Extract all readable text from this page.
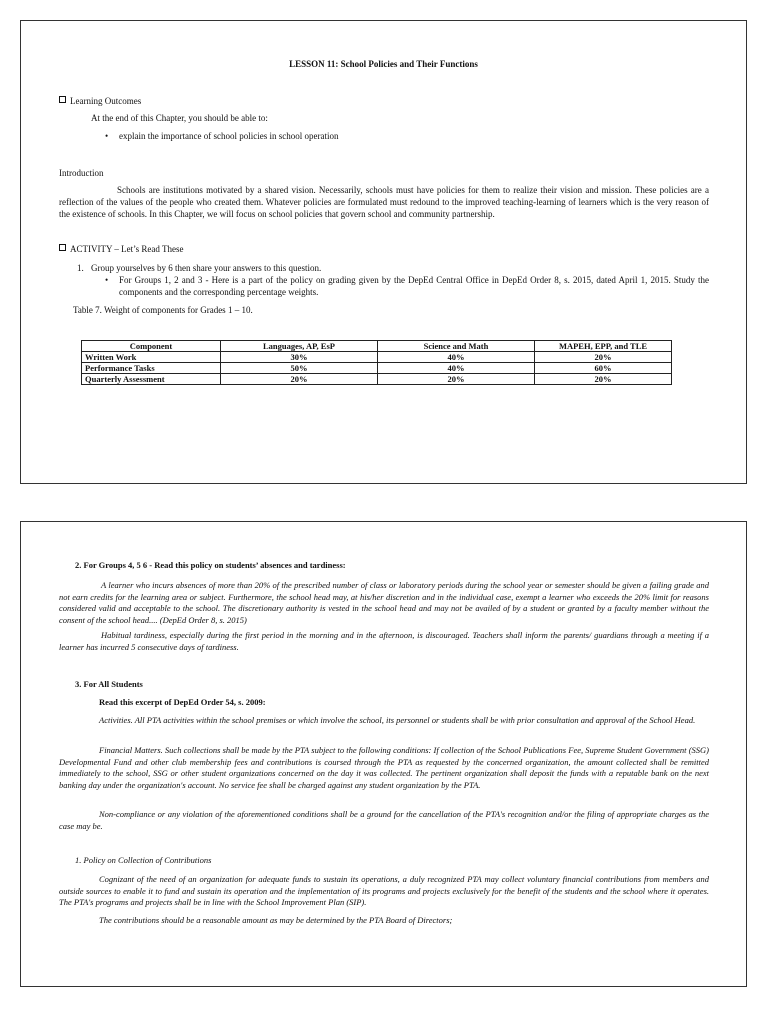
LESSON 11: School Policies and Their Functions

Learning Outcomes

At the end of this Chapter, you should be able to:

• explain the importance of school policies in school operation

Introduction

Schools are institutions motivated by a shared vision. Necessarily, schools must have policies for them to realize their vision and mission. These policies are a reflection of the values of the people who created them. Whatever policies are formulated must redound to the improved teaching-learning of learners which is the very reason of the existence of schools. In this Chapter, we will focus on school policies that govern school and community partnership.

ACTIVITY – Let’s Read These

1. Group yourselves by 6 then share your answers to this question.

• For Groups 1, 2 and 3 - Here is a part of the policy on grading given by the DepEd Central Office in DepEd Order 8, s. 2015, dated April 1, 2015. Study the components and the corresponding percentage weights.

Table 7. Weight of components for Grades 1 – 10.

Component	Languages, AP, EsP	Science and Math	MAPEH, EPP, and TLE
Written Work	30%	40%	20%
Performance Tasks	50%	40%	60%
Quarterly Assessment	20%	20%	20%

2. For Groups 4, 5 6 - Read this policy on students’ absences and tardiness:

A learner who incurs absences of more than 20% of the prescribed number of class or laboratory periods during the school year or semester should be given a failing grade and not earn credits for the learning area or subject. Furthermore, the school head may, at his/her discretion and in the individual case, exempt a learner who exceeds the 20% limit for reasons considered valid and acceptable to the school. The discretionary authority is vested in the school head and may not be availed of by a student or granted by a faculty member without the consent of the school head.... (DepEd Order 8, s. 2015)

Habitual tardiness, especially during the first period in the morning and in the afternoon, is discouraged. Teachers shall inform the parents/ guardians through a meeting if a learner has incurred 5 consecutive days of tardiness.

3. For All Students

Read this excerpt of DepEd Order 54, s. 2009:

Activities. All PTA activities within the school premises or which involve the school, its personnel or students shall be with prior consultation and approval of the School Head.

Financial Matters. Such collections shall be made by the PTA subject to the following conditions: If collection of the School Publications Fee, Supreme Student Government (SSG) Developmental Fund and other club membership fees and contributions is coursed through the PTA as requested by the concerned organization, the amount collected shall be remitted immediately to the school, SSG or other student organizations concerned on the day it was collected. The pertinent organization shall deposit the funds with a reputable bank on the next banking day under the organization's account. No service fee shall be charged against any student organization by the PTA.

Non-compliance or any violation of the aforementioned conditions shall be a ground for the cancellation of the PTA's recognition and/or the filing of appropriate charges as the case may be.

1. Policy on Collection of Contributions

Cognizant of the need of an organization for adequate funds to sustain its operations, a duly recognized PTA may collect voluntary financial contributions from members and outside sources to enable it to fund and sustain its operation and the implementation of its programs and projects exclusively for the benefit of the students and the school where it operates. The PTA's programs and projects shall be in line with the School Improvement Plan (SIP).

The contributions should be a reasonable amount as may be determined by the PTA Board of Directors;
